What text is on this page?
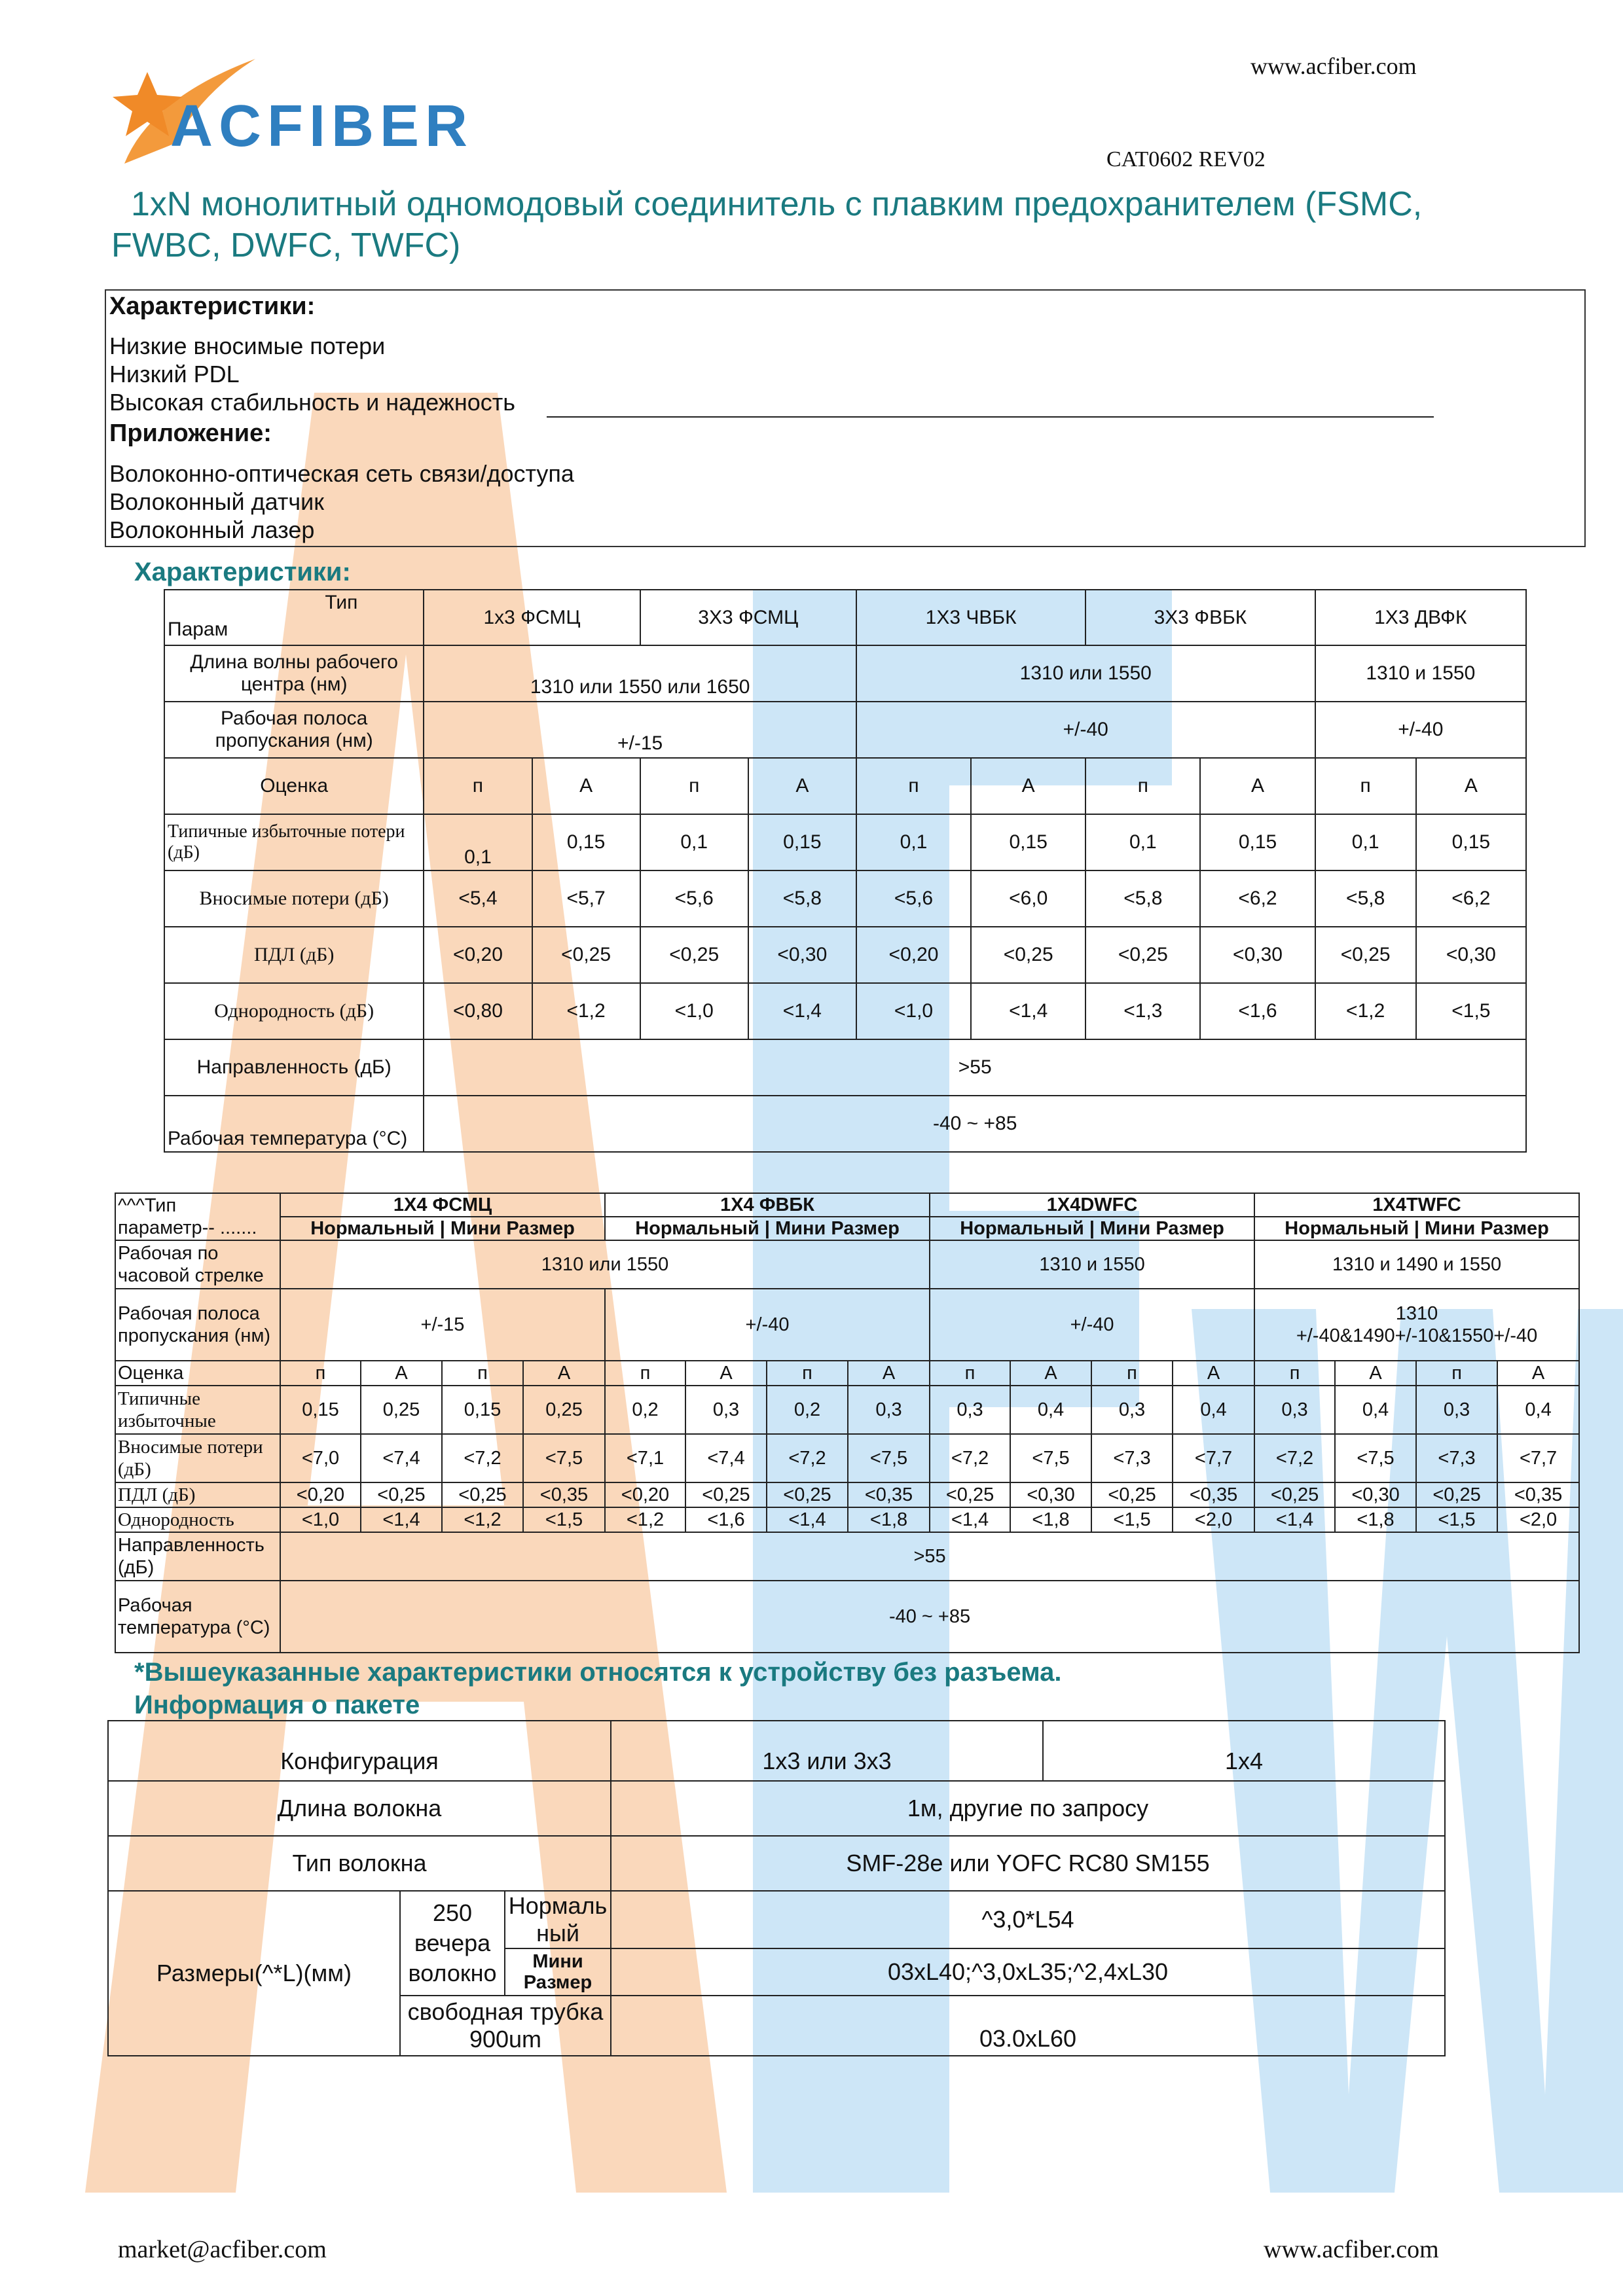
www.acfiber.com
ACFIBER
CAT0602 REV02
1xN монолитный одномодовый соединитель с плавким предохранителем (FSMC,
FWBC, DWFC, TWFC)
Характеристики:
Низкие вносимые потери
Низкий PDL
Высокая стабильность и надежность
Приложение:
Волоконно-оптическая сеть связи/доступа
Волоконный датчик
Волоконный лазер
Характеристики:
Тип
Парам	1x3 ФСМЦ		3X3 ФСМЦ		1X3 ЧВБК		3X3 ФВБК		1X3 ДВФК	
Длина волны рабочего центра (нм)	1310 или 1550 или 1650				1310 или 1550				1310 и 1550	
Рабочая полоса пропускания (нм)	+/-15				+/-40				+/-40	
Оценка	п	А	п	А	п	А	п	А	п	А
Типичные избыточные потери (дБ)	0,1	0,15	0,1	0,15	0,1	0,15	0,1	0,15	0,1	0,15
Вносимые потери (дБ)	<5,4	<5,7	<5,6	<5,8	<5,6	<6,0	<5,8	<6,2	<5,8	<6,2
ПДЛ (дБ)	<0,20	<0,25	<0,25	<0,30	<0,20	<0,25	<0,25	<0,30	<0,25	<0,30
Однородность (дБ)	<0,80	<1,2	<1,0	<1,4	<1,0	<1,4	<1,3	<1,6	<1,2	<1,5
Направленность (дБ)	>55									
Рабочая температура (°C)	-40 ~ +85									
^^^Тип
параметр-- .......	1X4 ФСМЦ				1X4 ФВБК				1X4DWFC				1X4TWFC			
	Нормальный | Мини Размер				Нормальный | Мини Размер				Нормальный | Мини Размер				Нормальный | Мини Размер			
Рабочая по часовой стрелке	1310 или 1550								1310 и 1550				1310 и 1490 и 1550			
Рабочая полоса пропускания (нм)	+/-15				+/-40				+/-40				1310
+/-40&1490+/-10&1550+/-40			

Оценка	п	А	п	А	п	А	п	А	п	А	п	А	п	А	п	А
Типичные избыточные	0,15	0,25	0,15	0,25	0,2	0,3	0,2	0,3	0,3	0,4	0,3	0,4	0,3	0,4	0,3	0,4
Вносимые потери (дБ)	<7,0	<7,4	<7,2	<7,5	<7,1	<7,4	<7,2	<7,5	<7,2	<7,5	<7,3	<7,7	<7,2	<7,5	<7,3	<7,7
ПДЛ (дБ)	<0,20	<0,25	<0,25	<0,35	<0,20	<0,25	<0,25	<0,35	<0,25	<0,30	<0,25	<0,35	<0,25	<0,30	<0,25	<0,35
Однородность	<1,0	<1,4	<1,2	<1,5	<1,2	<1,6	<1,4	<1,8	<1,4	<1,8	<1,5	<2,0	<1,4	<1,8	<1,5	<2,0
Направленность (дБ)	>55															
Рабочая температура (°C)	-40 ~ +85															
*Вышеуказанные характеристики относятся к устройству без разъема.
Информация о пакете
Конфигурация			1x3 или 3x3	1x4
Длина волокна			1м, другие по запросу	
Тип волокна			SMF-28e или YOFC RC80 SM155	
Размеры(^*L)(мм)	250 вечера волокно	Нормаль ный	^3,0*L54	
		Мини Размер	03xL40;^3,0xL35;^2,4xL30	
	свободная трубка 900um		03.0xL60	
market@acfiber.com	www.acfiber.com
